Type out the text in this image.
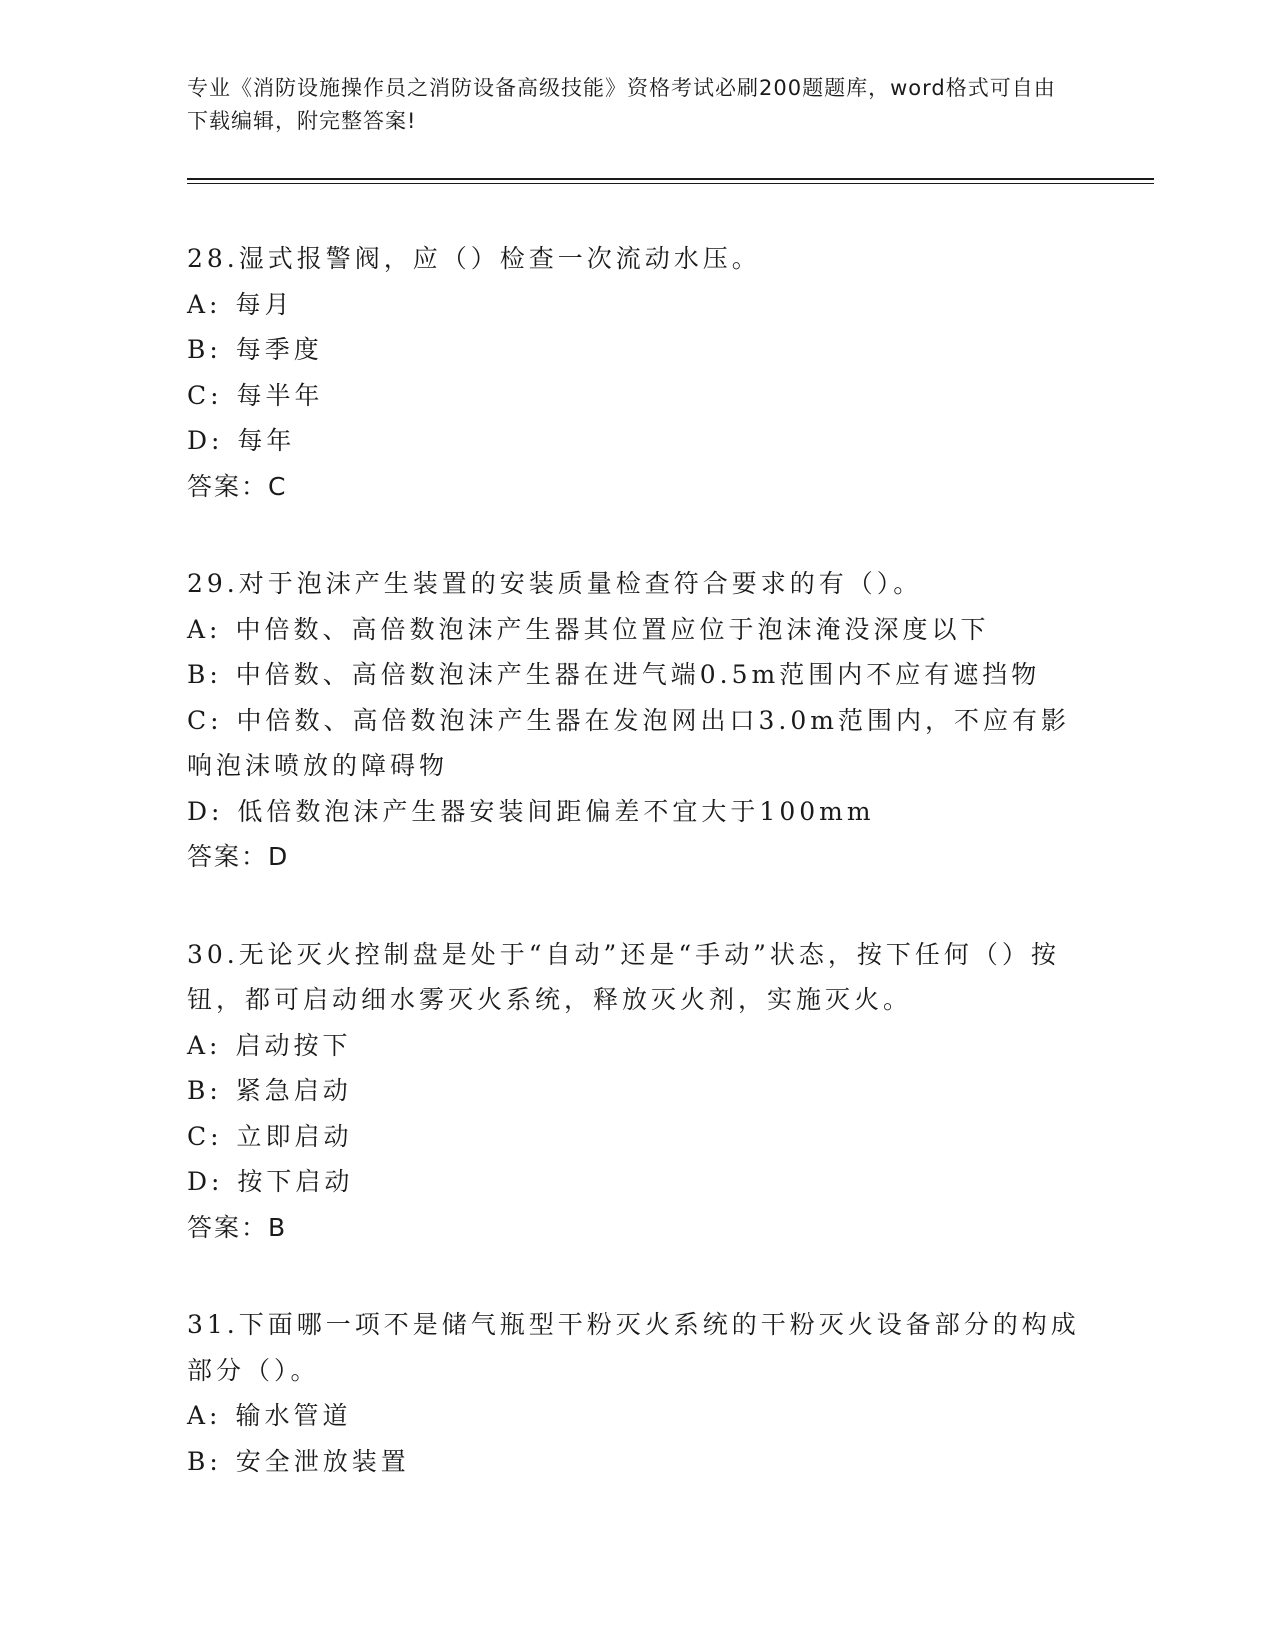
专业《消防设施操作员之消防设备高级技能》资格考试必刷200题题库，word格式可自由下载编辑，附完整答案!
28.湿式报警阀，应（）检查一次流动水压。
A: 每月
B: 每季度
C: 每半年
D: 每年
答案：C
29.对于泡沫产生装置的安装质量检查符合要求的有（）。
A: 中倍数、高倍数泡沫产生器其位置应位于泡沫淹没深度以下
B: 中倍数、高倍数泡沫产生器在进气端0.5m范围内不应有遮挡物
C: 中倍数、高倍数泡沫产生器在发泡网出口3.0m范围内，不应有影响泡沫喷放的障碍物
D: 低倍数泡沫产生器安装间距偏差不宜大于100mm
答案：D
30.无论灭火控制盘是处于“自动”还是“手动”状态，按下任何（）按钮，都可启动细水雾灭火系统，释放灭火剂，实施灭火。
A: 启动按下
B: 紧急启动
C: 立即启动
D: 按下启动
答案：B
31.下面哪一项不是储气瓶型干粉灭火系统的干粉灭火设备部分的构成部分（）。
A: 输水管道
B: 安全泄放装置
